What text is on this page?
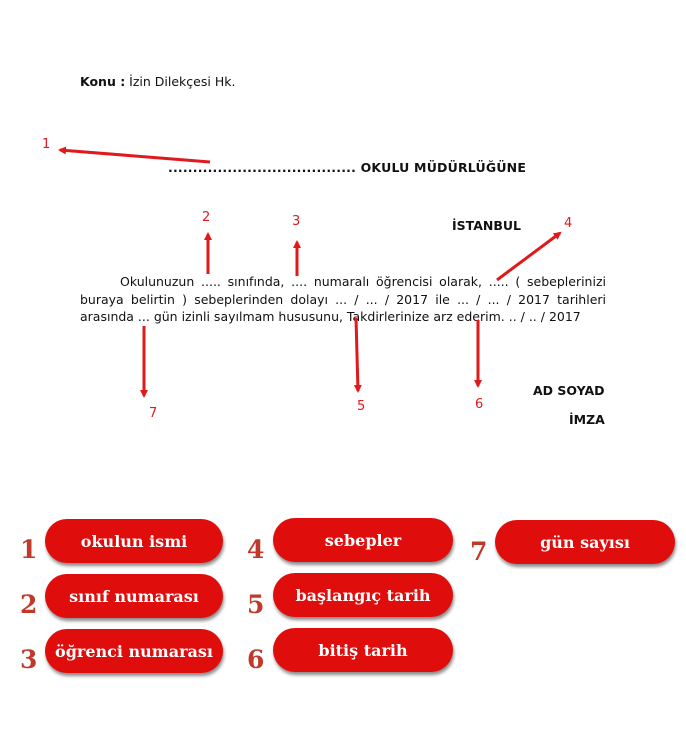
Konu : İzin Dilekçesi Hk.
...................................... OKULU MÜDÜRLÜĞÜNE
İSTANBUL
Okulunuzun ..... sınıfında, .... numaralı öğrencisi olarak, ..... ( sebeplerinizi buraya belirtin ) sebeplerinden dolayı ... / ... / 2017 ile ... / ... / 2017 tarihleri arasında ... gün izinli sayılmam hususunu, Takdirlerinize arz ederim. .. / .. / 2017
AD SOYAD
İMZA
1
2	3	4
5	6
7
1	okulun ismi
2	sınıf numarası
3	öğrenci numarası
4	sebepler
5	başlangıç tarih
6	bitiş tarih
7	gün sayısı
